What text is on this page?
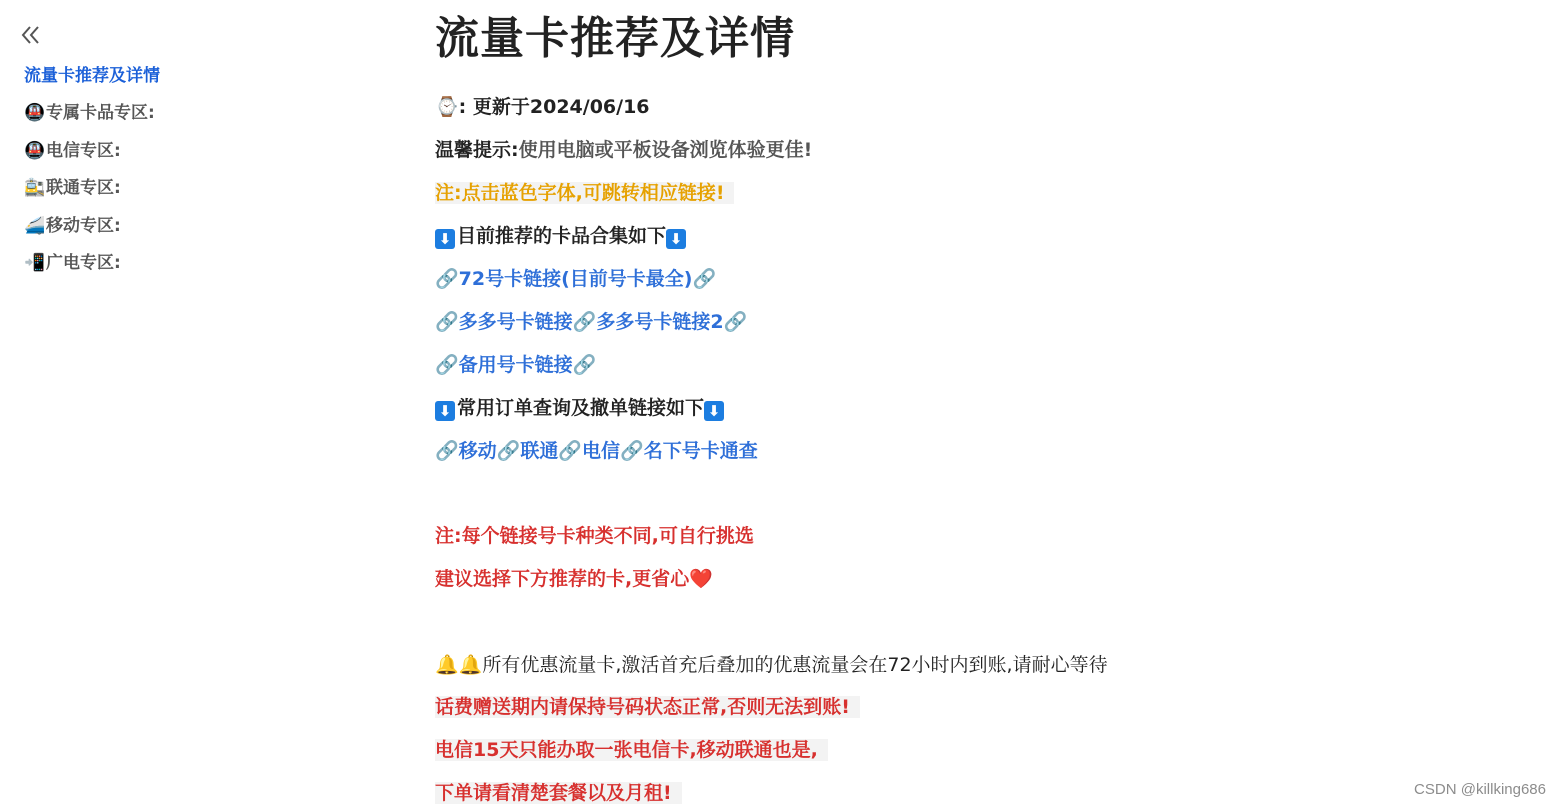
流量卡推荐及详情
🚇专属卡品专区:
🚇电信专区:
🚉联通专区:
🚄移动专区:
📲广电专区:
流量卡推荐及详情
⌚: 更新于2024/06/16
温馨提示:使用电脑或平板设备浏览体验更佳!
注:点击蓝色字体,可跳转相应链接!
⬇ 目前推荐的卡品合集如下 ⬇
🔗72号卡链接(目前号卡最全)🔗
🔗多多号卡链接🔗多多号卡链接2🔗
🔗备用号卡链接🔗
⬇ 常用订单查询及撤单链接如下 ⬇
🔗移动🔗联通🔗电信🔗名下号卡通查
注:每个链接号卡种类不同,可自行挑选
建议选择下方推荐的卡,更省心❤️
🔔🔔所有优惠流量卡,激活首充后叠加的优惠流量会在72小时内到账,请耐心等待
话费赠送期内请保持号码状态正常,否则无法到账!
电信15天只能办取一张电信卡,移动联通也是,
下单请看清楚套餐以及月租!	CSDN @killking686
